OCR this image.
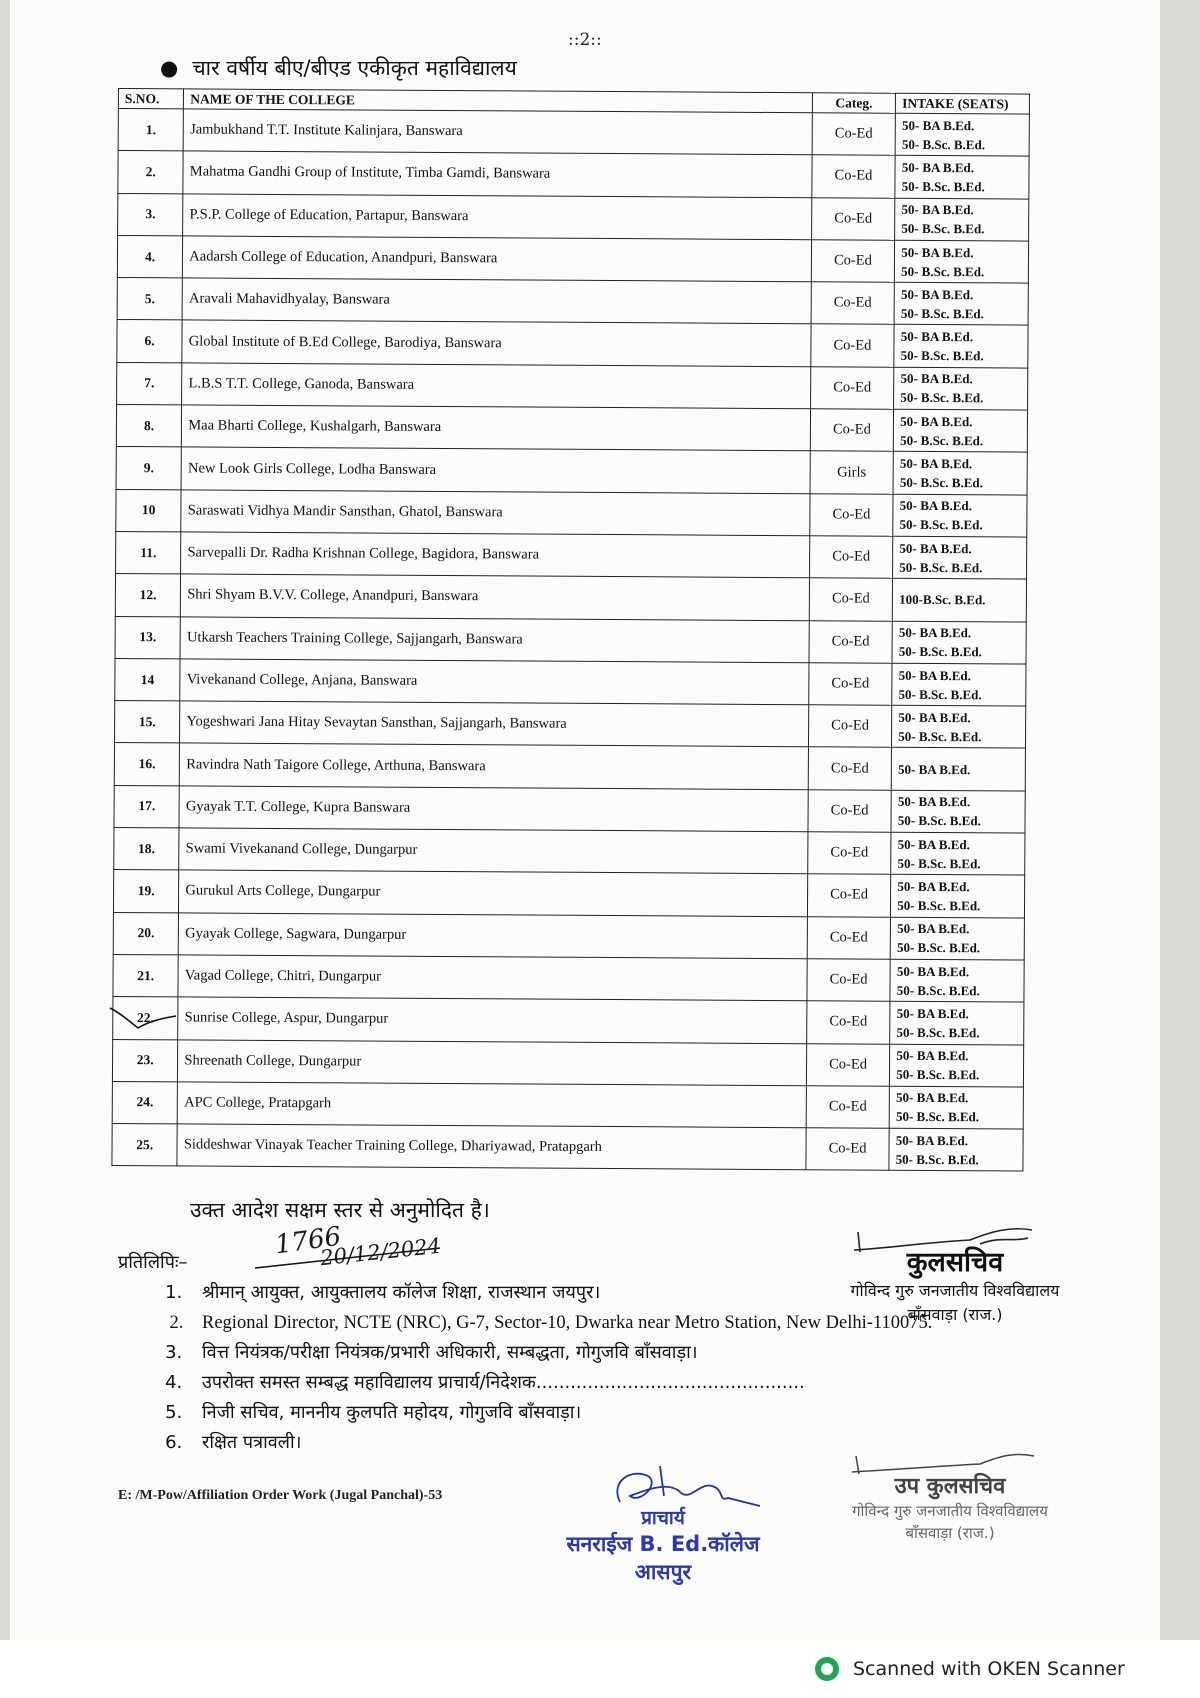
::2::
● चार वर्षीय बीए/बीएड एकीकृत महाविद्यालय
S.NO.	NAME OF THE COLLEGE	Categ.	INTAKE (SEATS)
1.	Jambukhand T.T. Institute Kalinjara, Banswara	Co-Ed	50- BA B.Ed.
50- B.Sc. B.Ed.

2.	Mahatma Gandhi Group of Institute, Timba Gamdi, Banswara	Co-Ed	50- BA B.Ed.
50- B.Sc. B.Ed.

3.	P.S.P. College of Education, Partapur, Banswara	Co-Ed	50- BA B.Ed.
50- B.Sc. B.Ed.

4.	Aadarsh College of Education, Anandpuri, Banswara	Co-Ed	50- BA B.Ed.
50- B.Sc. B.Ed.

5.	Aravali Mahavidhyalay, Banswara	Co-Ed	50- BA B.Ed.
50- B.Sc. B.Ed.

6.	Global Institute of B.Ed College, Barodiya, Banswara	Co-Ed	50- BA B.Ed.
50- B.Sc. B.Ed.

7.	L.B.S T.T. College, Ganoda, Banswara	Co-Ed	50- BA B.Ed.
50- B.Sc. B.Ed.

8.	Maa Bharti College, Kushalgarh, Banswara	Co-Ed	50- BA B.Ed.
50- B.Sc. B.Ed.

9.	New Look Girls College, Lodha Banswara	Girls	50- BA B.Ed.
50- B.Sc. B.Ed.

10	Saraswati Vidhya Mandir Sansthan, Ghatol, Banswara	Co-Ed	50- BA B.Ed.
50- B.Sc. B.Ed.

11.	Sarvepalli Dr. Radha Krishnan College, Bagidora, Banswara	Co-Ed	50- BA B.Ed.
50- B.Sc. B.Ed.

12.	Shri Shyam B.V.V. College, Anandpuri, Banswara	Co-Ed	100-B.Sc. B.Ed.

13.	Utkarsh Teachers Training College, Sajjangarh, Banswara	Co-Ed	50- BA B.Ed.
50- B.Sc. B.Ed.

14	Vivekanand College, Anjana, Banswara	Co-Ed	50- BA B.Ed.
50- B.Sc. B.Ed.

15.	Yogeshwari Jana Hitay Sevaytan Sansthan, Sajjangarh, Banswara	Co-Ed	50- BA B.Ed.
50- B.Sc. B.Ed.

16.	Ravindra Nath Taigore College, Arthuna, Banswara	Co-Ed	50- BA B.Ed.

17.	Gyayak T.T. College, Kupra Banswara	Co-Ed	50- BA B.Ed.
50- B.Sc. B.Ed.

18.	Swami Vivekanand College, Dungarpur	Co-Ed	50- BA B.Ed.
50- B.Sc. B.Ed.

19.	Gurukul Arts College, Dungarpur	Co-Ed	50- BA B.Ed.
50- B.Sc. B.Ed.

20.	Gyayak College, Sagwara, Dungarpur	Co-Ed	50- BA B.Ed.
50- B.Sc. B.Ed.

21.	Vagad College, Chitri, Dungarpur	Co-Ed	50- BA B.Ed.
50- B.Sc. B.Ed.

22.	Sunrise College, Aspur, Dungarpur	Co-Ed	50- BA B.Ed.
50- B.Sc. B.Ed.

23.	Shreenath College, Dungarpur	Co-Ed	50- BA B.Ed.
50- B.Sc. B.Ed.

24.	APC College, Pratapgarh	Co-Ed	50- BA B.Ed.
50- B.Sc. B.Ed.

25.	Siddeshwar Vinayak Teacher Training College, Dhariyawad, Pratapgarh	Co-Ed	50- BA B.Ed.
50- B.Sc. B.Ed.
उक्त आदेश सक्षम स्तर से अनुमोदित है।
प्रतिलिपिः–
1766
20/12/2024	कुलसचिव
गोविन्द गुरु जनजातीय विश्वविद्यालय
बाँसवाड़ा (राज.)
1. श्रीमान् आयुक्त, आयुक्तालय कॉलेज शिक्षा, राजस्थान जयपुर।
2. Regional Director, NCTE (NRC), G-7, Sector-10, Dwarka near Metro Station, New Delhi-110075.
3. वित्त नियंत्रक/परीक्षा नियंत्रक/प्रभारी अधिकारी, सम्बद्धता, गोगुजवि बाँसवाड़ा।
4. उपरोक्त समस्त सम्बद्ध महाविद्यालय प्राचार्य/निदेशक...............................................
5. निजी सचिव, माननीय कुलपति महोदय, गोगुजवि बाँसवाड़ा।
6. रक्षित पत्रावली।
E: /M-Pow/Affiliation Order Work (Jugal Panchal)-53
प्राचार्य
सनराईज B. Ed.कॉलेज
आसपुर
उप कुलसचिव
गोविन्द गुरु जनजातीय विश्वविद्यालय
बाँसवाड़ा (राज.)
Scanned with OKEN Scanner
